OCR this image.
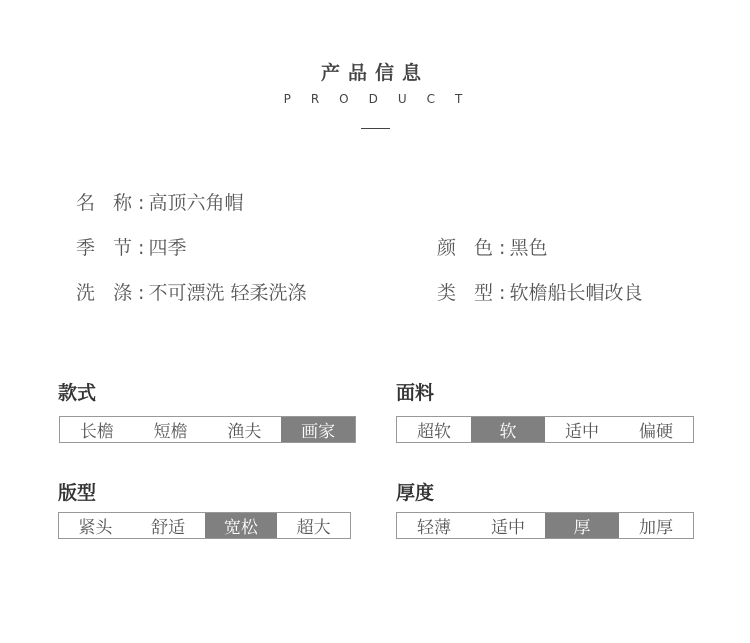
产品信息
PRODUCT
名 称: 高顶六角帽
季 节: 四季	颜 色: 黑色
洗 涤: 不可漂洗 轻柔洗涤	类 型: 软檐船长帽改良
款式
长檐	短檐	渔夫	画家
面料
超软	软	适中	偏硬
版型
紧头	舒适	宽松	超大
厚度
轻薄	适中	厚	加厚
